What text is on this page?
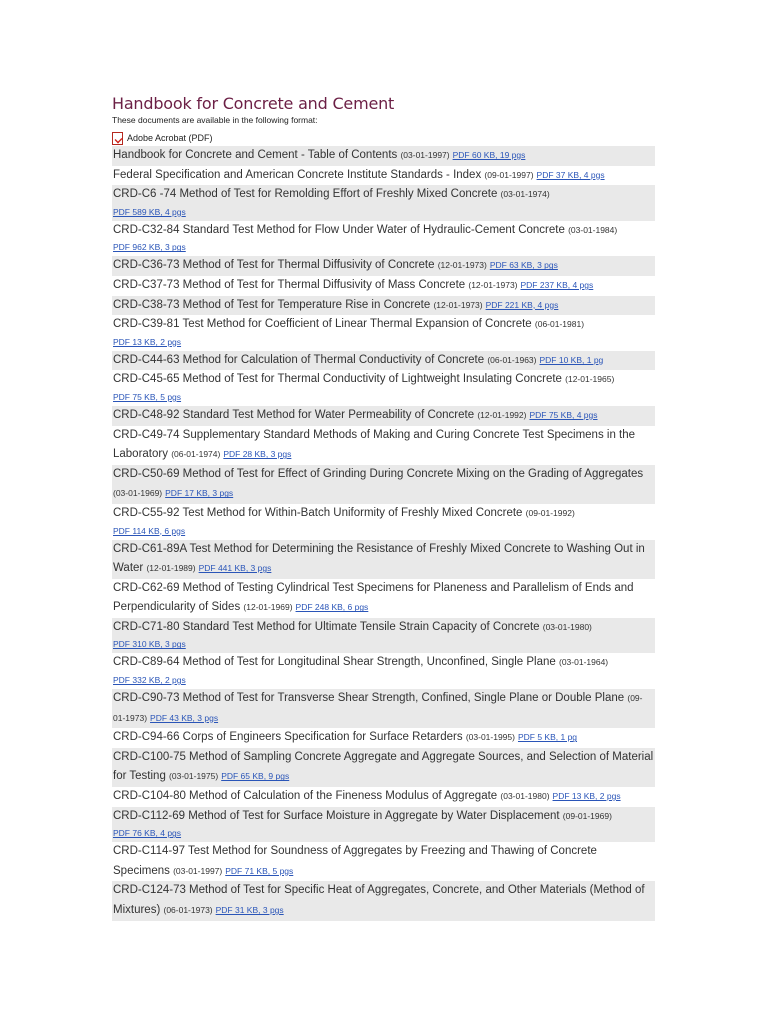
Handbook for Concrete and Cement
These documents are available in the following format:
Adobe Acrobat (PDF)
Handbook for Concrete and Cement - Table of Contents (03-01-1997) PDF 60 KB, 19 pgs
Federal Specification and American Concrete Institute Standards - Index (09-01-1997) PDF 37 KB, 4 pgs
CRD-C6 -74 Method of Test for Remolding Effort of Freshly Mixed Concrete (03-01-1974)
PDF 589 KB, 4 pgs
CRD-C32-84 Standard Test Method for Flow Under Water of Hydraulic-Cement Concrete (03-01-1984)
PDF 962 KB, 3 pgs
CRD-C36-73 Method of Test for Thermal Diffusivity of Concrete (12-01-1973) PDF 63 KB, 3 pgs
CRD-C37-73 Method of Test for Thermal Diffusivity of Mass Concrete (12-01-1973) PDF 237 KB, 4 pgs
CRD-C38-73 Method of Test for Temperature Rise in Concrete (12-01-1973) PDF 221 KB, 4 pgs
CRD-C39-81 Test Method for Coefficient of Linear Thermal Expansion of Concrete (06-01-1981)
PDF 13 KB, 2 pgs
CRD-C44-63 Method for Calculation of Thermal Conductivity of Concrete (06-01-1963) PDF 10 KB, 1 pg
CRD-C45-65 Method of Test for Thermal Conductivity of Lightweight Insulating Concrete (12-01-1965)
PDF 75 KB, 5 pgs
CRD-C48-92 Standard Test Method for Water Permeability of Concrete (12-01-1992) PDF 75 KB, 4 pgs
CRD-C49-74 Supplementary Standard Methods of Making and Curing Concrete Test Specimens in the Laboratory (06-01-1974) PDF 28 KB, 3 pgs
CRD-C50-69 Method of Test for Effect of Grinding During Concrete Mixing on the Grading of Aggregates (03-01-1969) PDF 17 KB, 3 pgs
CRD-C55-92 Test Method for Within-Batch Uniformity of Freshly Mixed Concrete (09-01-1992)
PDF 114 KB, 6 pgs
CRD-C61-89A Test Method for Determining the Resistance of Freshly Mixed Concrete to Washing Out in Water (12-01-1989) PDF 441 KB, 3 pgs
CRD-C62-69 Method of Testing Cylindrical Test Specimens for Planeness and Parallelism of Ends and Perpendicularity of Sides (12-01-1969) PDF 248 KB, 6 pgs
CRD-C71-80 Standard Test Method for Ultimate Tensile Strain Capacity of Concrete (03-01-1980)
PDF 310 KB, 3 pgs
CRD-C89-64 Method of Test for Longitudinal Shear Strength, Unconfined, Single Plane (03-01-1964)
PDF 332 KB, 2 pgs
CRD-C90-73 Method of Test for Transverse Shear Strength, Confined, Single Plane or Double Plane (09-01-1973) PDF 43 KB, 3 pgs
CRD-C94-66 Corps of Engineers Specification for Surface Retarders (03-01-1995) PDF 5 KB, 1 pg
CRD-C100-75 Method of Sampling Concrete Aggregate and Aggregate Sources, and Selection of Material for Testing (03-01-1975) PDF 65 KB, 9 pgs
CRD-C104-80 Method of Calculation of the Fineness Modulus of Aggregate (03-01-1980) PDF 13 KB, 2 pgs
CRD-C112-69 Method of Test for Surface Moisture in Aggregate by Water Displacement (09-01-1969)
PDF 76 KB, 4 pgs
CRD-C114-97 Test Method for Soundness of Aggregates by Freezing and Thawing of Concrete Specimens (03-01-1997) PDF 71 KB, 5 pgs
CRD-C124-73 Method of Test for Specific Heat of Aggregates, Concrete, and Other Materials (Method of Mixtures) (06-01-1973) PDF 31 KB, 3 pgs
